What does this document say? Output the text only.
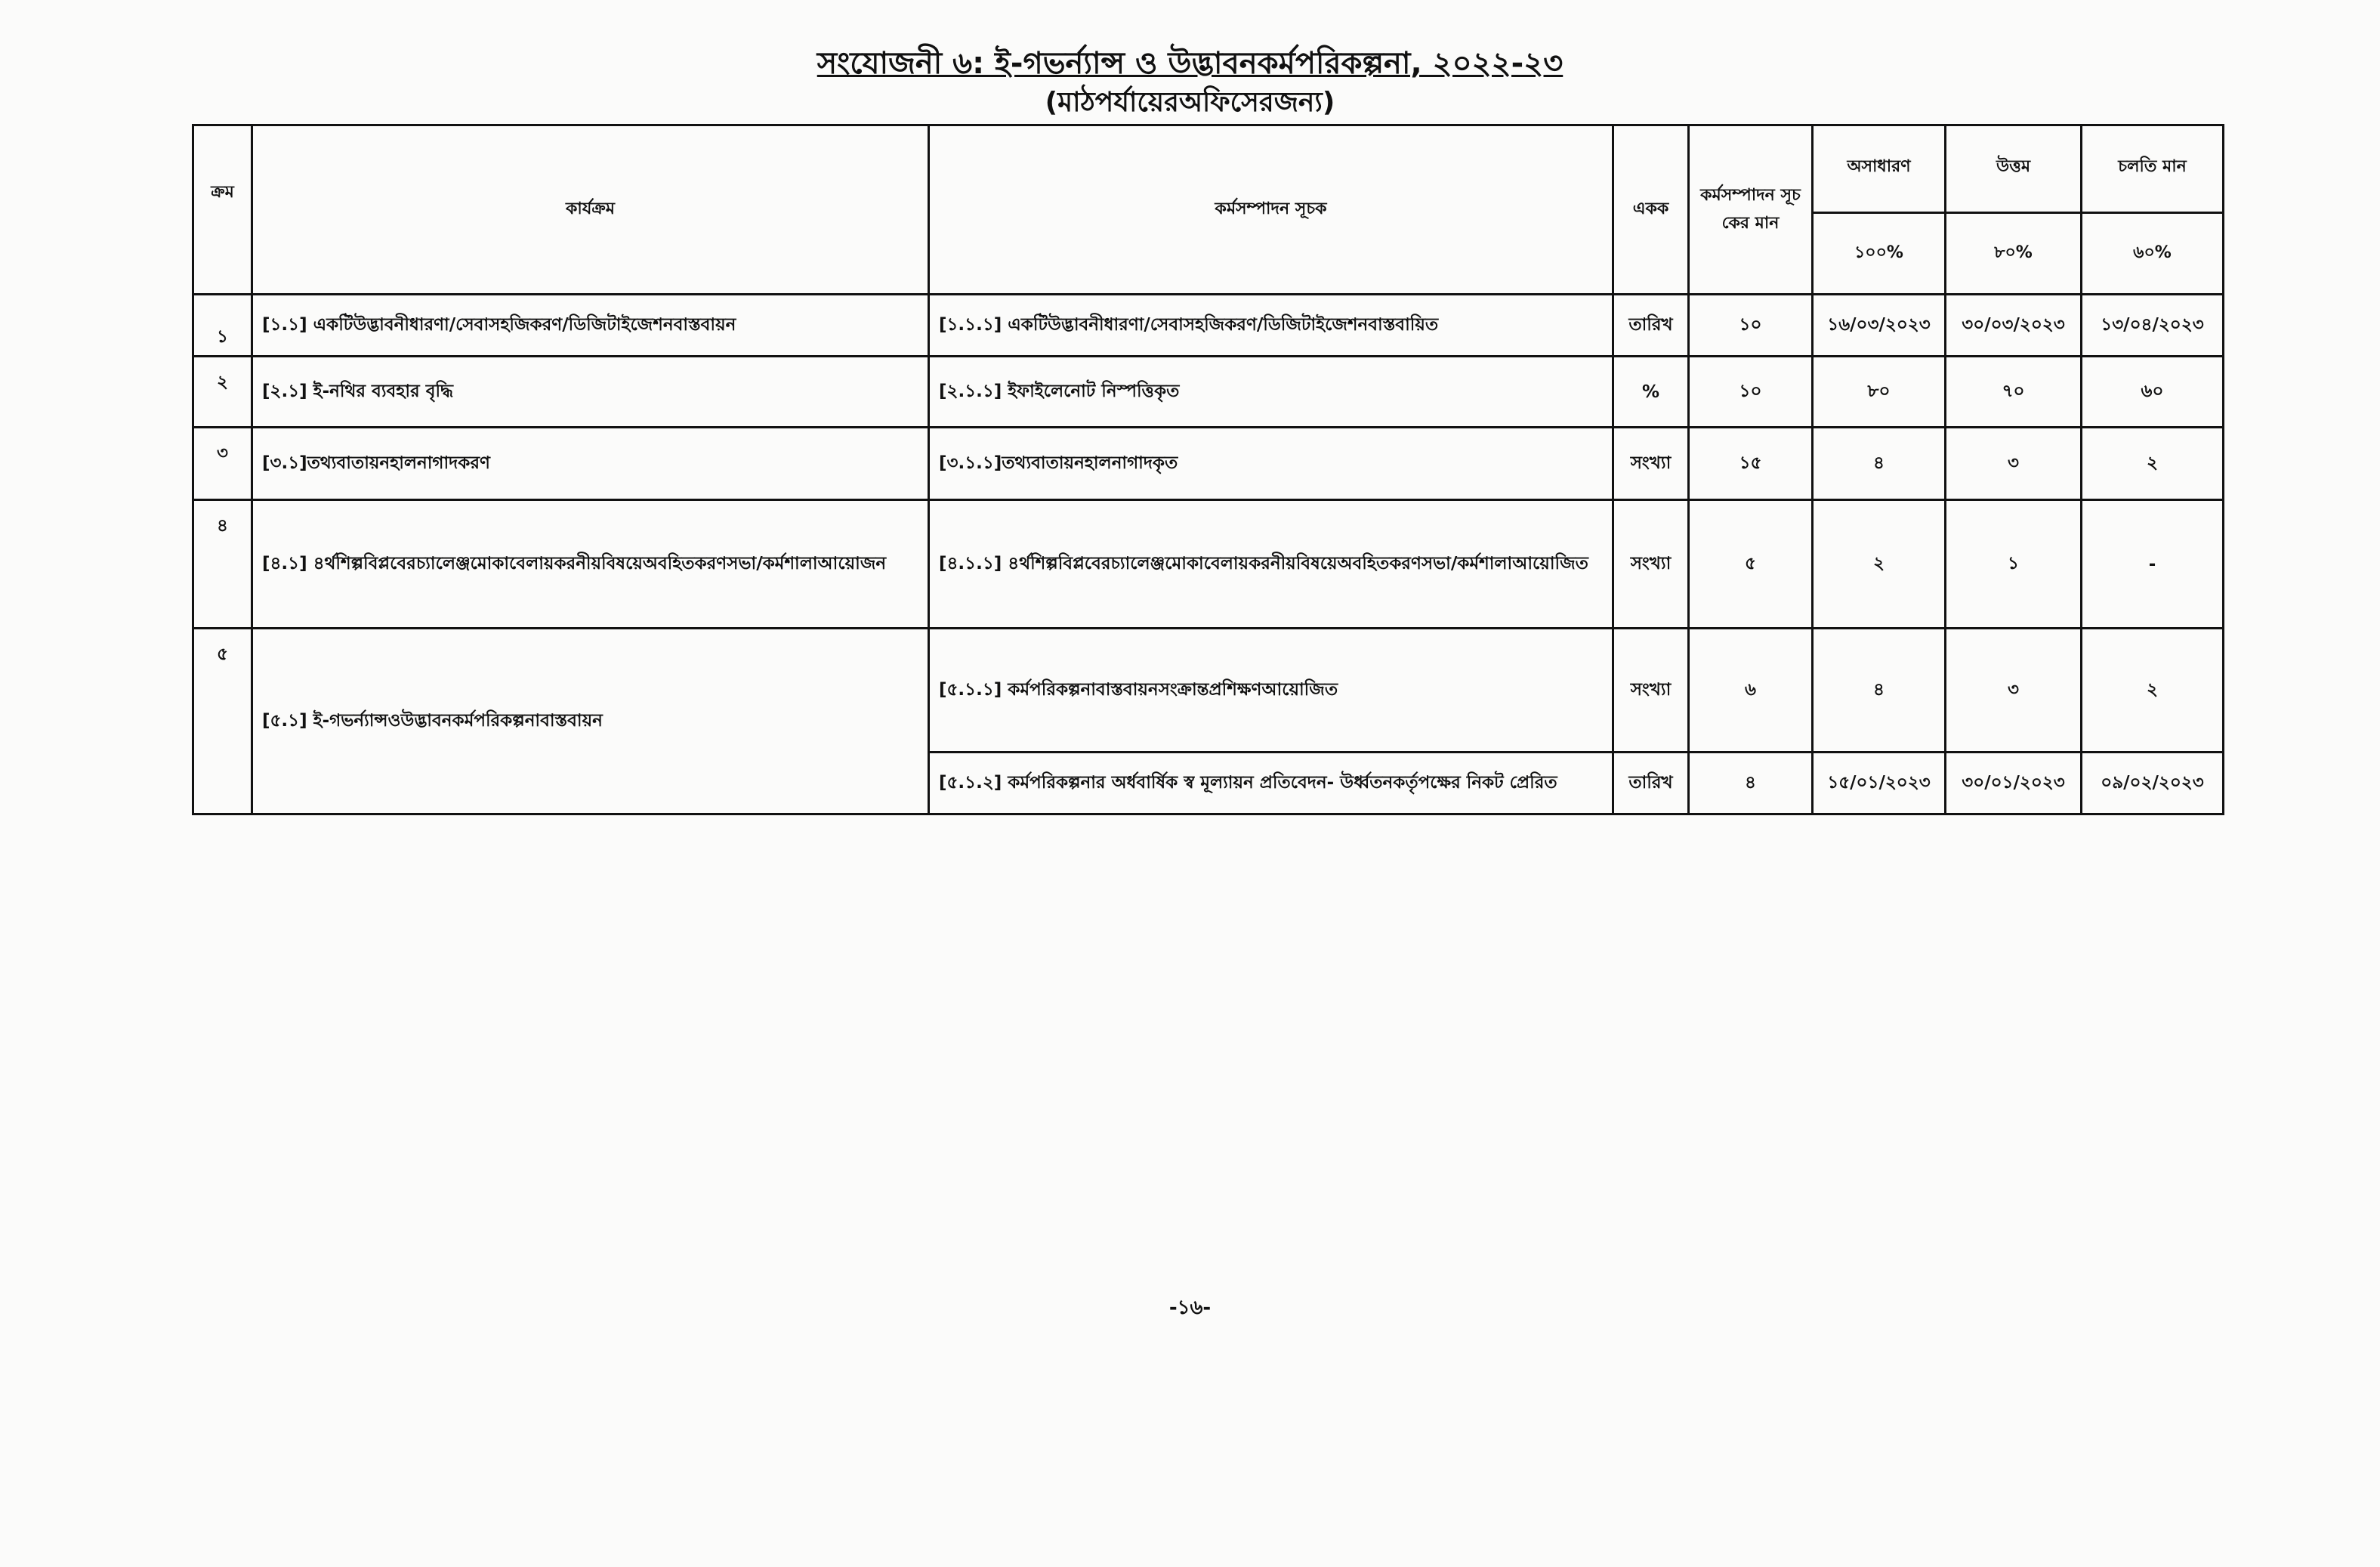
সংযোজনী ৬: ই-গভর্ন্যান্স ও উদ্ভাবনকর্মপরিকল্পনা, ২০২২-২৩
(মাঠপর্যায়েরঅফিসেরজন্য)
ক্রম	কার্যক্রম	কর্মসম্পাদন সূচক	একক	কর্মসম্পাদন সূচকের মান	অসাধারণ	উত্তম	চলতি মান
					১০০%	৮০%	৬০%
১	[১.১] একটিউদ্ভাবনীধারণা/সেবাসহজিকরণ/ডিজিটাইজেশনবাস্তবায়ন	[১.১.১] একটিউদ্ভাবনীধারণা/সেবাসহজিকরণ/ডিজিটাইজেশনবাস্তবায়িত	তারিখ	১০	১৬/০৩/২০২৩	৩০/০৩/২০২৩	১৩/০৪/২০২৩
২	[২.১] ই-নথির ব্যবহার বৃদ্ধি	[২.১.১] ইফাইলেনোট নিস্পত্তিকৃত	%	১০	৮০	৭০	৬০
৩	[৩.১]তথ্যবাতায়নহালনাগাদকরণ	[৩.১.১]তথ্যবাতায়নহালনাগাদকৃত	সংখ্যা	১৫	৪	৩	২
৪	[৪.১] ৪র্থশিল্পবিপ্লবেরচ্যালেঞ্জমোকাবেলায়করনীয়বিষয়েঅবহিতকরণসভা/কর্মশালাআয়োজন	[৪.১.১] ৪র্থশিল্পবিপ্লবেরচ্যালেঞ্জমোকাবেলায়করনীয়বিষয়েঅবহিতকরণসভা/কর্মশালাআয়োজিত	সংখ্যা	৫	২	১	-
৫	[৫.১] ই-গভর্ন্যান্সওউদ্ভাবনকর্মপরিকল্পনাবাস্তবায়ন	[৫.১.১] কর্মপরিকল্পনাবাস্তবায়নসংক্রান্তপ্রশিক্ষণআয়োজিত	সংখ্যা	৬	৪	৩	২
		[৫.১.২] কর্মপরিকল্পনার অর্ধবার্ষিক স্ব মূল্যায়ন প্রতিবেদন- উর্ধ্বতনকর্তৃপক্ষের নিকট প্রেরিত	তারিখ	৪	১৫/০১/২০২৩	৩০/০১/২০২৩	০৯/০২/২০২৩
-১৬-
